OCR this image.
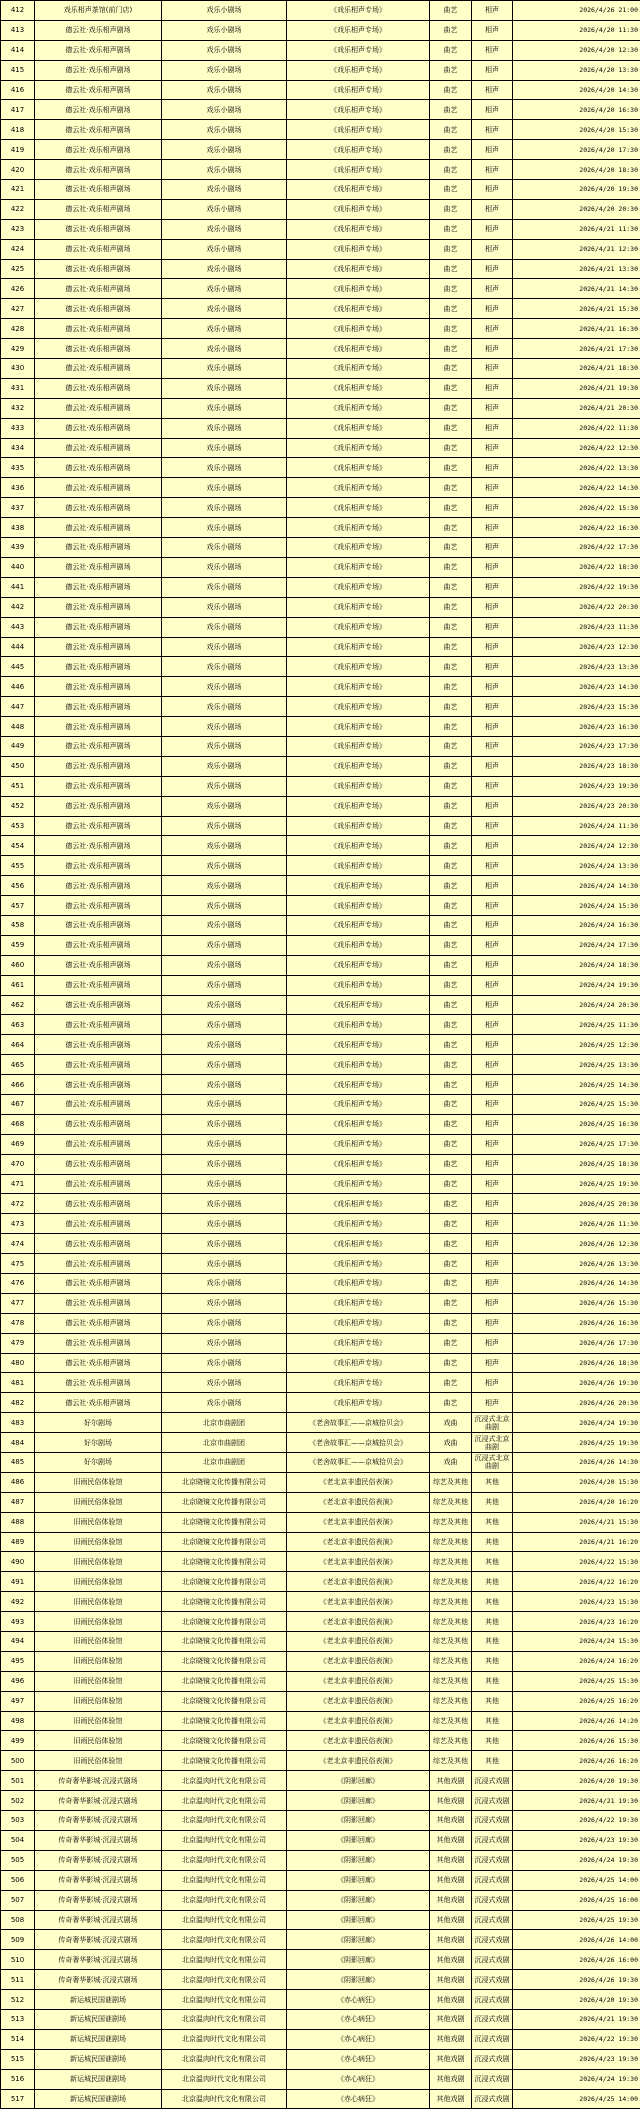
412	戏乐相声茶馆(前门店)	戏乐小剧场	《戏乐相声专场》	曲艺	相声	2026/4/26 21:00
413	德云社·戏乐相声剧场	戏乐小剧场	《戏乐相声专场》	曲艺	相声	2026/4/20 11:30
414	德云社·戏乐相声剧场	戏乐小剧场	《戏乐相声专场》	曲艺	相声	2026/4/20 12:30
415	德云社·戏乐相声剧场	戏乐小剧场	《戏乐相声专场》	曲艺	相声	2026/4/20 13:30
416	德云社·戏乐相声剧场	戏乐小剧场	《戏乐相声专场》	曲艺	相声	2026/4/20 14:30
417	德云社·戏乐相声剧场	戏乐小剧场	《戏乐相声专场》	曲艺	相声	2026/4/20 16:30
418	德云社·戏乐相声剧场	戏乐小剧场	《戏乐相声专场》	曲艺	相声	2026/4/20 15:30
419	德云社·戏乐相声剧场	戏乐小剧场	《戏乐相声专场》	曲艺	相声	2026/4/20 17:30
420	德云社·戏乐相声剧场	戏乐小剧场	《戏乐相声专场》	曲艺	相声	2026/4/20 18:30
421	德云社·戏乐相声剧场	戏乐小剧场	《戏乐相声专场》	曲艺	相声	2026/4/20 19:30
422	德云社·戏乐相声剧场	戏乐小剧场	《戏乐相声专场》	曲艺	相声	2026/4/20 20:30
423	德云社·戏乐相声剧场	戏乐小剧场	《戏乐相声专场》	曲艺	相声	2026/4/21 11:30
424	德云社·戏乐相声剧场	戏乐小剧场	《戏乐相声专场》	曲艺	相声	2026/4/21 12:30
425	德云社·戏乐相声剧场	戏乐小剧场	《戏乐相声专场》	曲艺	相声	2026/4/21 13:30
426	德云社·戏乐相声剧场	戏乐小剧场	《戏乐相声专场》	曲艺	相声	2026/4/21 14:30
427	德云社·戏乐相声剧场	戏乐小剧场	《戏乐相声专场》	曲艺	相声	2026/4/21 15:30
428	德云社·戏乐相声剧场	戏乐小剧场	《戏乐相声专场》	曲艺	相声	2026/4/21 16:30
429	德云社·戏乐相声剧场	戏乐小剧场	《戏乐相声专场》	曲艺	相声	2026/4/21 17:30
430	德云社·戏乐相声剧场	戏乐小剧场	《戏乐相声专场》	曲艺	相声	2026/4/21 18:30
431	德云社·戏乐相声剧场	戏乐小剧场	《戏乐相声专场》	曲艺	相声	2026/4/21 19:30
432	德云社·戏乐相声剧场	戏乐小剧场	《戏乐相声专场》	曲艺	相声	2026/4/21 20:30
433	德云社·戏乐相声剧场	戏乐小剧场	《戏乐相声专场》	曲艺	相声	2026/4/22 11:30
434	德云社·戏乐相声剧场	戏乐小剧场	《戏乐相声专场》	曲艺	相声	2026/4/22 12:30
435	德云社·戏乐相声剧场	戏乐小剧场	《戏乐相声专场》	曲艺	相声	2026/4/22 13:30
436	德云社·戏乐相声剧场	戏乐小剧场	《戏乐相声专场》	曲艺	相声	2026/4/22 14:30
437	德云社·戏乐相声剧场	戏乐小剧场	《戏乐相声专场》	曲艺	相声	2026/4/22 15:30
438	德云社·戏乐相声剧场	戏乐小剧场	《戏乐相声专场》	曲艺	相声	2026/4/22 16:30
439	德云社·戏乐相声剧场	戏乐小剧场	《戏乐相声专场》	曲艺	相声	2026/4/22 17:30
440	德云社·戏乐相声剧场	戏乐小剧场	《戏乐相声专场》	曲艺	相声	2026/4/22 18:30
441	德云社·戏乐相声剧场	戏乐小剧场	《戏乐相声专场》	曲艺	相声	2026/4/22 19:30
442	德云社·戏乐相声剧场	戏乐小剧场	《戏乐相声专场》	曲艺	相声	2026/4/22 20:30
443	德云社·戏乐相声剧场	戏乐小剧场	《戏乐相声专场》	曲艺	相声	2026/4/23 11:30
444	德云社·戏乐相声剧场	戏乐小剧场	《戏乐相声专场》	曲艺	相声	2026/4/23 12:30
445	德云社·戏乐相声剧场	戏乐小剧场	《戏乐相声专场》	曲艺	相声	2026/4/23 13:30
446	德云社·戏乐相声剧场	戏乐小剧场	《戏乐相声专场》	曲艺	相声	2026/4/23 14:30
447	德云社·戏乐相声剧场	戏乐小剧场	《戏乐相声专场》	曲艺	相声	2026/4/23 15:30
448	德云社·戏乐相声剧场	戏乐小剧场	《戏乐相声专场》	曲艺	相声	2026/4/23 16:30
449	德云社·戏乐相声剧场	戏乐小剧场	《戏乐相声专场》	曲艺	相声	2026/4/23 17:30
450	德云社·戏乐相声剧场	戏乐小剧场	《戏乐相声专场》	曲艺	相声	2026/4/23 18:30
451	德云社·戏乐相声剧场	戏乐小剧场	《戏乐相声专场》	曲艺	相声	2026/4/23 19:30
452	德云社·戏乐相声剧场	戏乐小剧场	《戏乐相声专场》	曲艺	相声	2026/4/23 20:30
453	德云社·戏乐相声剧场	戏乐小剧场	《戏乐相声专场》	曲艺	相声	2026/4/24 11:30
454	德云社·戏乐相声剧场	戏乐小剧场	《戏乐相声专场》	曲艺	相声	2026/4/24 12:30
455	德云社·戏乐相声剧场	戏乐小剧场	《戏乐相声专场》	曲艺	相声	2026/4/24 13:30
456	德云社·戏乐相声剧场	戏乐小剧场	《戏乐相声专场》	曲艺	相声	2026/4/24 14:30
457	德云社·戏乐相声剧场	戏乐小剧场	《戏乐相声专场》	曲艺	相声	2026/4/24 15:30
458	德云社·戏乐相声剧场	戏乐小剧场	《戏乐相声专场》	曲艺	相声	2026/4/24 16:30
459	德云社·戏乐相声剧场	戏乐小剧场	《戏乐相声专场》	曲艺	相声	2026/4/24 17:30
460	德云社·戏乐相声剧场	戏乐小剧场	《戏乐相声专场》	曲艺	相声	2026/4/24 18:30
461	德云社·戏乐相声剧场	戏乐小剧场	《戏乐相声专场》	曲艺	相声	2026/4/24 19:30
462	德云社·戏乐相声剧场	戏乐小剧场	《戏乐相声专场》	曲艺	相声	2026/4/24 20:30
463	德云社·戏乐相声剧场	戏乐小剧场	《戏乐相声专场》	曲艺	相声	2026/4/25 11:30
464	德云社·戏乐相声剧场	戏乐小剧场	《戏乐相声专场》	曲艺	相声	2026/4/25 12:30
465	德云社·戏乐相声剧场	戏乐小剧场	《戏乐相声专场》	曲艺	相声	2026/4/25 13:30
466	德云社·戏乐相声剧场	戏乐小剧场	《戏乐相声专场》	曲艺	相声	2026/4/25 14:30
467	德云社·戏乐相声剧场	戏乐小剧场	《戏乐相声专场》	曲艺	相声	2026/4/25 15:30
468	德云社·戏乐相声剧场	戏乐小剧场	《戏乐相声专场》	曲艺	相声	2026/4/25 16:30
469	德云社·戏乐相声剧场	戏乐小剧场	《戏乐相声专场》	曲艺	相声	2026/4/25 17:30
470	德云社·戏乐相声剧场	戏乐小剧场	《戏乐相声专场》	曲艺	相声	2026/4/25 18:30
471	德云社·戏乐相声剧场	戏乐小剧场	《戏乐相声专场》	曲艺	相声	2026/4/25 19:30
472	德云社·戏乐相声剧场	戏乐小剧场	《戏乐相声专场》	曲艺	相声	2026/4/25 20:30
473	德云社·戏乐相声剧场	戏乐小剧场	《戏乐相声专场》	曲艺	相声	2026/4/26 11:30
474	德云社·戏乐相声剧场	戏乐小剧场	《戏乐相声专场》	曲艺	相声	2026/4/26 12:30
475	德云社·戏乐相声剧场	戏乐小剧场	《戏乐相声专场》	曲艺	相声	2026/4/26 13:30
476	德云社·戏乐相声剧场	戏乐小剧场	《戏乐相声专场》	曲艺	相声	2026/4/26 14:30
477	德云社·戏乐相声剧场	戏乐小剧场	《戏乐相声专场》	曲艺	相声	2026/4/26 15:30
478	德云社·戏乐相声剧场	戏乐小剧场	《戏乐相声专场》	曲艺	相声	2026/4/26 16:30
479	德云社·戏乐相声剧场	戏乐小剧场	《戏乐相声专场》	曲艺	相声	2026/4/26 17:30
480	德云社·戏乐相声剧场	戏乐小剧场	《戏乐相声专场》	曲艺	相声	2026/4/26 18:30
481	德云社·戏乐相声剧场	戏乐小剧场	《戏乐相声专场》	曲艺	相声	2026/4/26 19:30
482	德云社·戏乐相声剧场	戏乐小剧场	《戏乐相声专场》	曲艺	相声	2026/4/26 20:30
483	好尔剧场	北京市曲剧团	《老舍故事汇——京城拾贝会》	戏曲	沉浸式北京曲剧	2026/4/24 19:30
484	好尔剧场	北京市曲剧团	《老舍故事汇——京城拾贝会》	戏曲	沉浸式北京曲剧	2026/4/25 19:30
485	好尔剧场	北京市曲剧团	《老舍故事汇——京城拾贝会》	戏曲	沉浸式北京曲剧	2026/4/26 14:30
486	旧雨民俗体验馆	北京晓镜文化传播有限公司	《老北京非遗民俗表演》	综艺及其他	其他	2026/4/20 15:30
487	旧雨民俗体验馆	北京晓镜文化传播有限公司	《老北京非遗民俗表演》	综艺及其他	其他	2026/4/20 16:20
488	旧雨民俗体验馆	北京晓镜文化传播有限公司	《老北京非遗民俗表演》	综艺及其他	其他	2026/4/21 15:30
489	旧雨民俗体验馆	北京晓镜文化传播有限公司	《老北京非遗民俗表演》	综艺及其他	其他	2026/4/21 16:20
490	旧雨民俗体验馆	北京晓镜文化传播有限公司	《老北京非遗民俗表演》	综艺及其他	其他	2026/4/22 15:30
491	旧雨民俗体验馆	北京晓镜文化传播有限公司	《老北京非遗民俗表演》	综艺及其他	其他	2026/4/22 16:20
492	旧雨民俗体验馆	北京晓镜文化传播有限公司	《老北京非遗民俗表演》	综艺及其他	其他	2026/4/23 15:30
493	旧雨民俗体验馆	北京晓镜文化传播有限公司	《老北京非遗民俗表演》	综艺及其他	其他	2026/4/23 16:20
494	旧雨民俗体验馆	北京晓镜文化传播有限公司	《老北京非遗民俗表演》	综艺及其他	其他	2026/4/24 15:30
495	旧雨民俗体验馆	北京晓镜文化传播有限公司	《老北京非遗民俗表演》	综艺及其他	其他	2026/4/24 16:20
496	旧雨民俗体验馆	北京晓镜文化传播有限公司	《老北京非遗民俗表演》	综艺及其他	其他	2026/4/25 15:30
497	旧雨民俗体验馆	北京晓镜文化传播有限公司	《老北京非遗民俗表演》	综艺及其他	其他	2026/4/25 16:20
498	旧雨民俗体验馆	北京晓镜文化传播有限公司	《老北京非遗民俗表演》	综艺及其他	其他	2026/4/26 14:20
499	旧雨民俗体验馆	北京晓镜文化传播有限公司	《老北京非遗民俗表演》	综艺及其他	其他	2026/4/26 15:30
500	旧雨民俗体验馆	北京晓镜文化传播有限公司	《老北京非遗民俗表演》	综艺及其他	其他	2026/4/26 16:20
501	传奇奢华影城·沉浸式剧场	北京温肉时代文化有限公司	《阴影回廊》	其他戏剧	沉浸式戏剧	2026/4/20 19:30
502	传奇奢华影城·沉浸式剧场	北京温肉时代文化有限公司	《阴影回廊》	其他戏剧	沉浸式戏剧	2026/4/21 19:30
503	传奇奢华影城·沉浸式剧场	北京温肉时代文化有限公司	《阴影回廊》	其他戏剧	沉浸式戏剧	2026/4/22 19:30
504	传奇奢华影城·沉浸式剧场	北京温肉时代文化有限公司	《阴影回廊》	其他戏剧	沉浸式戏剧	2026/4/23 19:30
505	传奇奢华影城·沉浸式剧场	北京温肉时代文化有限公司	《阴影回廊》	其他戏剧	沉浸式戏剧	2026/4/24 19:30
506	传奇奢华影城·沉浸式剧场	北京温肉时代文化有限公司	《阴影回廊》	其他戏剧	沉浸式戏剧	2026/4/25 14:00
507	传奇奢华影城·沉浸式剧场	北京温肉时代文化有限公司	《阴影回廊》	其他戏剧	沉浸式戏剧	2026/4/25 16:00
508	传奇奢华影城·沉浸式剧场	北京温肉时代文化有限公司	《阴影回廊》	其他戏剧	沉浸式戏剧	2026/4/25 19:30
509	传奇奢华影城·沉浸式剧场	北京温肉时代文化有限公司	《阴影回廊》	其他戏剧	沉浸式戏剧	2026/4/26 14:00
510	传奇奢华影城·沉浸式剧场	北京温肉时代文化有限公司	《阴影回廊》	其他戏剧	沉浸式戏剧	2026/4/26 16:00
511	传奇奢华影城·沉浸式剧场	北京温肉时代文化有限公司	《阴影回廊》	其他戏剧	沉浸式戏剧	2026/4/26 19:30
512	新运城民国谜剧场	北京温肉时代文化有限公司	《赤心病狂》	其他戏剧	沉浸式戏剧	2026/4/20 19:30
513	新运城民国谜剧场	北京温肉时代文化有限公司	《赤心病狂》	其他戏剧	沉浸式戏剧	2026/4/21 19:30
514	新运城民国谜剧场	北京温肉时代文化有限公司	《赤心病狂》	其他戏剧	沉浸式戏剧	2026/4/22 19:30
515	新运城民国谜剧场	北京温肉时代文化有限公司	《赤心病狂》	其他戏剧	沉浸式戏剧	2026/4/23 19:30
516	新运城民国谜剧场	北京温肉时代文化有限公司	《赤心病狂》	其他戏剧	沉浸式戏剧	2026/4/24 19:30
517	新运城民国谜剧场	北京温肉时代文化有限公司	《赤心病狂》	其他戏剧	沉浸式戏剧	2026/4/25 14:00
